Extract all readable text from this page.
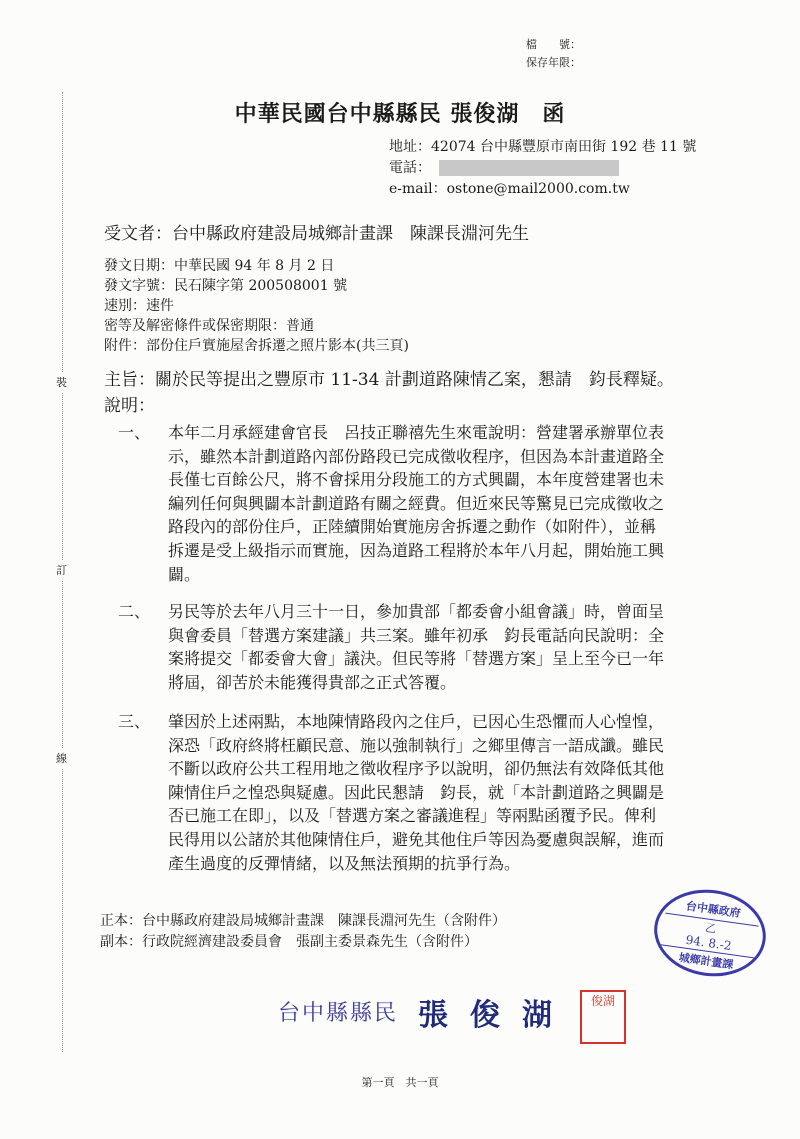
檔　　號：
保存年限：
裝
訂
線
中華民國台中縣縣民 張俊湖　函
地址：42074 台中縣豐原市南田街 192 巷 11 號
電話：
e-mail：ostone@mail2000.com.tw
受文者：台中縣政府建設局城鄉計畫課　陳課長淵河先生
發文日期：中華民國 94 年 8 月 2 日
發文字號：民石陳字第 200508001 號
速別：速件
密等及解密條件或保密期限：普通
附件：部份住戶實施屋舍拆遷之照片影本(共三頁)
主旨：關於民等提出之豐原市 11-34 計劃道路陳情乙案，懇請　鈞長釋疑。
說明：
一、 本年二月承經建會官長　呂技正聯禧先生來電說明：營建署承辦單位表
示，雖然本計劃道路內部份路段已完成徵收程序，但因為本計畫道路全
長僅七百餘公尺，將不會採用分段施工的方式興闢，本年度營建署也未
編列任何與興闢本計劃道路有關之經費。但近來民等驚見已完成徵收之
路段內的部份住戶，正陸續開始實施房舍拆遷之動作（如附件），並稱
拆遷是受上級指示而實施，因為道路工程將於本年八月起，開始施工興
闢。
二、 另民等於去年八月三十一日，參加貴部「都委會小組會議」時，曾面呈
與會委員「替選方案建議」共三案。雖年初承　鈞長電話向民說明：全
案將提交「都委會大會」議決。但民等將「替選方案」呈上至今已一年
將屆，卻苦於未能獲得貴部之正式答覆。
三、 肇因於上述兩點，本地陳情路段內之住戶，已因心生恐懼而人心惶惶，
深恐「政府終將枉顧民意、施以強制執行」之鄉里傳言一語成讖。雖民
不斷以政府公共工程用地之徵收程序予以說明，卻仍無法有效降低其他
陳情住戶之惶恐與疑慮。因此民懇請　鈞長，就「本計劃道路之興闢是
否已施工在即」，以及「替選方案之審議進程」等兩點函覆予民。俾利
民得用以公諸於其他陳情住戶，避免其他住戶等因為憂慮與誤解，進而
產生過度的反彈情緒，以及無法預期的抗爭行為。
正本：台中縣政府建設局城鄉計畫課　陳課長淵河先生（含附件）
副本：行政院經濟建設委員會　張副主委景森先生（含附件）
台中縣政府
乙
94. 8.-2
城鄉計畫課
台中縣縣民 張俊湖	俊湖
第一頁　共一頁
